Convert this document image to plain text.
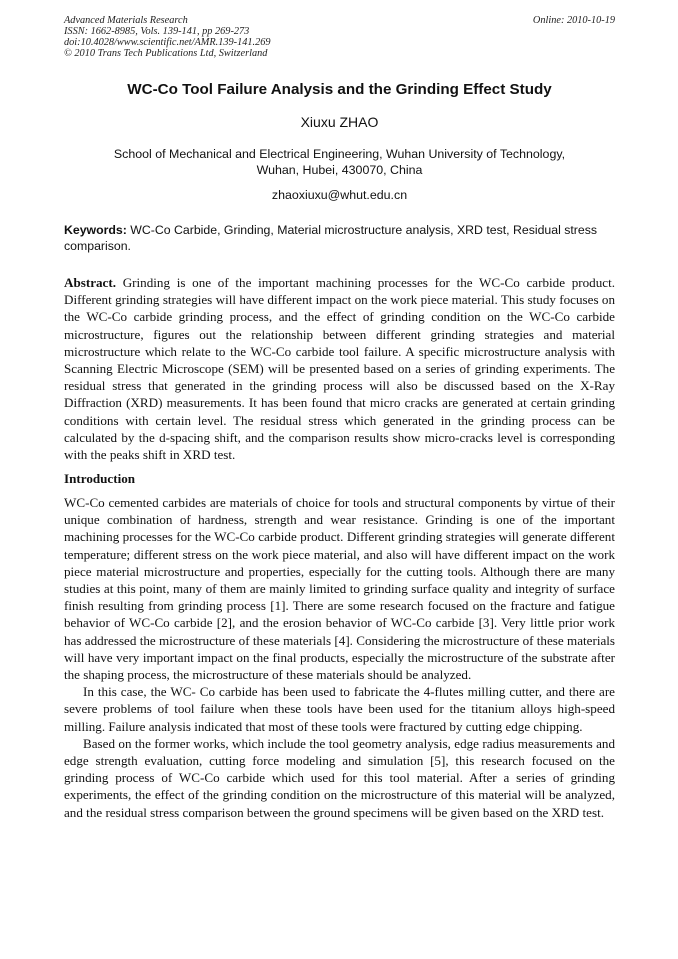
Advanced Materials Research
ISSN: 1662-8985, Vols. 139-141, pp 269-273
doi:10.4028/www.scientific.net/AMR.139-141.269
© 2010 Trans Tech Publications Ltd, Switzerland
Online: 2010-10-19
WC-Co Tool Failure Analysis and the Grinding Effect Study
Xiuxu ZHAO
School of Mechanical and Electrical Engineering, Wuhan University of Technology,
Wuhan, Hubei, 430070, China
zhaoxiuxu@whut.edu.cn
Keywords: WC-Co Carbide, Grinding, Material microstructure analysis, XRD test, Residual stress comparison.
Abstract. Grinding is one of the important machining processes for the WC-Co carbide product. Different grinding strategies will have different impact on the work piece material. This study focuses on the WC-Co carbide grinding process, and the effect of grinding condition on the WC-Co carbide microstructure, figures out the relationship between different grinding strategies and material microstructure which relate to the WC-Co carbide tool failure. A specific microstructure analysis with Scanning Electric Microscope (SEM) will be presented based on a series of grinding experiments. The residual stress that generated in the grinding process will also be discussed based on the X-Ray Diffraction (XRD) measurements. It has been found that micro cracks are generated at certain grinding conditions with certain level. The residual stress which generated in the grinding process can be calculated by the d-spacing shift, and the comparison results show micro-cracks level is corresponding with the peaks shift in XRD test.
Introduction

WC-Co cemented carbides are materials of choice for tools and structural components by virtue of their unique combination of hardness, strength and wear resistance. Grinding is one of the important machining processes for the WC-Co carbide product. Different grinding strategies will generate different temperature; different stress on the work piece material, and also will have different impact on the work piece material microstructure and properties, especially for the cutting tools. Although there are many studies at this point, many of them are mainly limited to grinding surface quality and integrity of surface finish resulting from grinding process [1]. There are some research focused on the fracture and fatigue behavior of WC-Co carbide [2], and the erosion behavior of WC-Co carbide [3]. Very little prior work has addressed the microstructure of these materials [4]. Considering the microstructure of these materials will have very important impact on the final products, especially the microstructure of the substrate after the shaping process, the microstructure of these materials should be analyzed.

In this case, the WC- Co carbide has been used to fabricate the 4-flutes milling cutter, and there are severe problems of tool failure when these tools have been used for the titanium alloys high-speed milling. Failure analysis indicated that most of these tools were fractured by cutting edge chipping.

Based on the former works, which include the tool geometry analysis, edge radius measurements and edge strength evaluation, cutting force modeling and simulation [5], this research focused on the grinding process of WC-Co carbide which used for this tool material. After a series of grinding experiments, the effect of the grinding condition on the microstructure of this material will be analyzed, and the residual stress comparison between the ground specimens will be given based on the XRD test.
